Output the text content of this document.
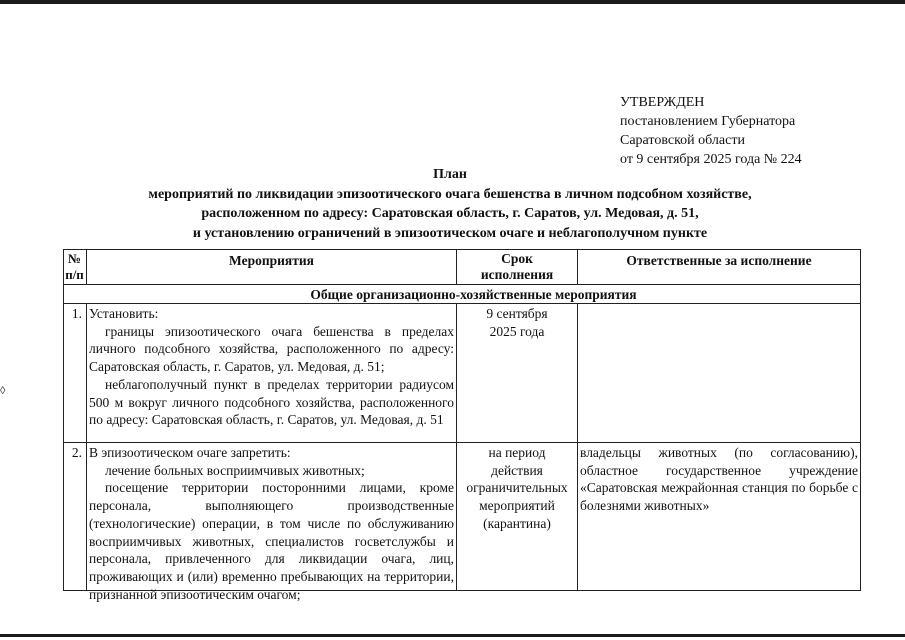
◊
УТВЕРЖДЕН
постановлением Губернатора
Саратовской области
от 9 сентября 2025 года № 224
План
мероприятий по ликвидации эпизоотического очага бешенства в личном подсобном хозяйстве,
расположенном по адресу: Саратовская область, г. Саратов, ул. Медовая, д. 51,
и установлению ограничений в эпизоотическом очаге и неблагополучном пункте
№
п/п
Мероприятия	Срок
исполнения
Ответственные за исполнение
Общие организационно-хозяйственные мероприятия
1. Установить:

границы эпизоотического очага бешенства в пределах личного подсобного хозяйства, расположенного по адресу: Саратовская область, г. Саратов, ул. Медовая, д. 51;

неблагополучный пункт в пределах территории радиусом 500 м вокруг личного подсобного хозяйства, расположенного по адресу: Саратовская область, г. Саратов, ул. Медовая, д. 51

9 сентября
2025 года
2. В эпизоотическом очаге запретить:

лечение больных восприимчивых животных;

посещение территории посторонними лицами, кроме персонала, выполняющего производственные (технологические) операции, в том числе по обслуживанию восприимчивых животных, специалистов госветслужбы и персонала, привлеченного для ликвидации очага, лиц, проживающих и (или) временно пребывающих на территории, признанной эпизоотическим очагом;

на период
действия
ограничительных
мероприятий
(карантина)
владельцы животных (по согласованию), областное государственное учреждение «Саратовская межрайонная станция по борьбе с болезнями животных»
